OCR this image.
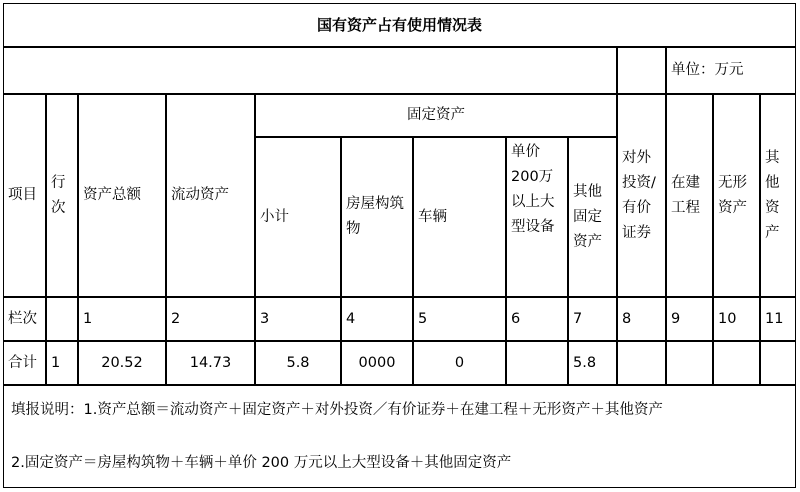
国有资产占有使用情况表												
										单位：万元		
项目	行次	资产总额	流动资产	固定资产					对外投资/有价证券	在建工程	无形资产	其他资产
				小计	房屋构筑物	车辆	单价200万以上大型设备	其他固定资产				
栏次		1	2	3	4	5	6	7	8	9	10	11
合计	1	20.52	14.73	5.8	0000	0		5.8				

填报说明：1.资产总额＝流动资产＋固定资产＋对外投资／有价证券＋在建工程＋无形资产＋其他资产
2.固定资产＝房屋构筑物＋车辆＋单价 200 万元以上大型设备＋其他固定资产												
